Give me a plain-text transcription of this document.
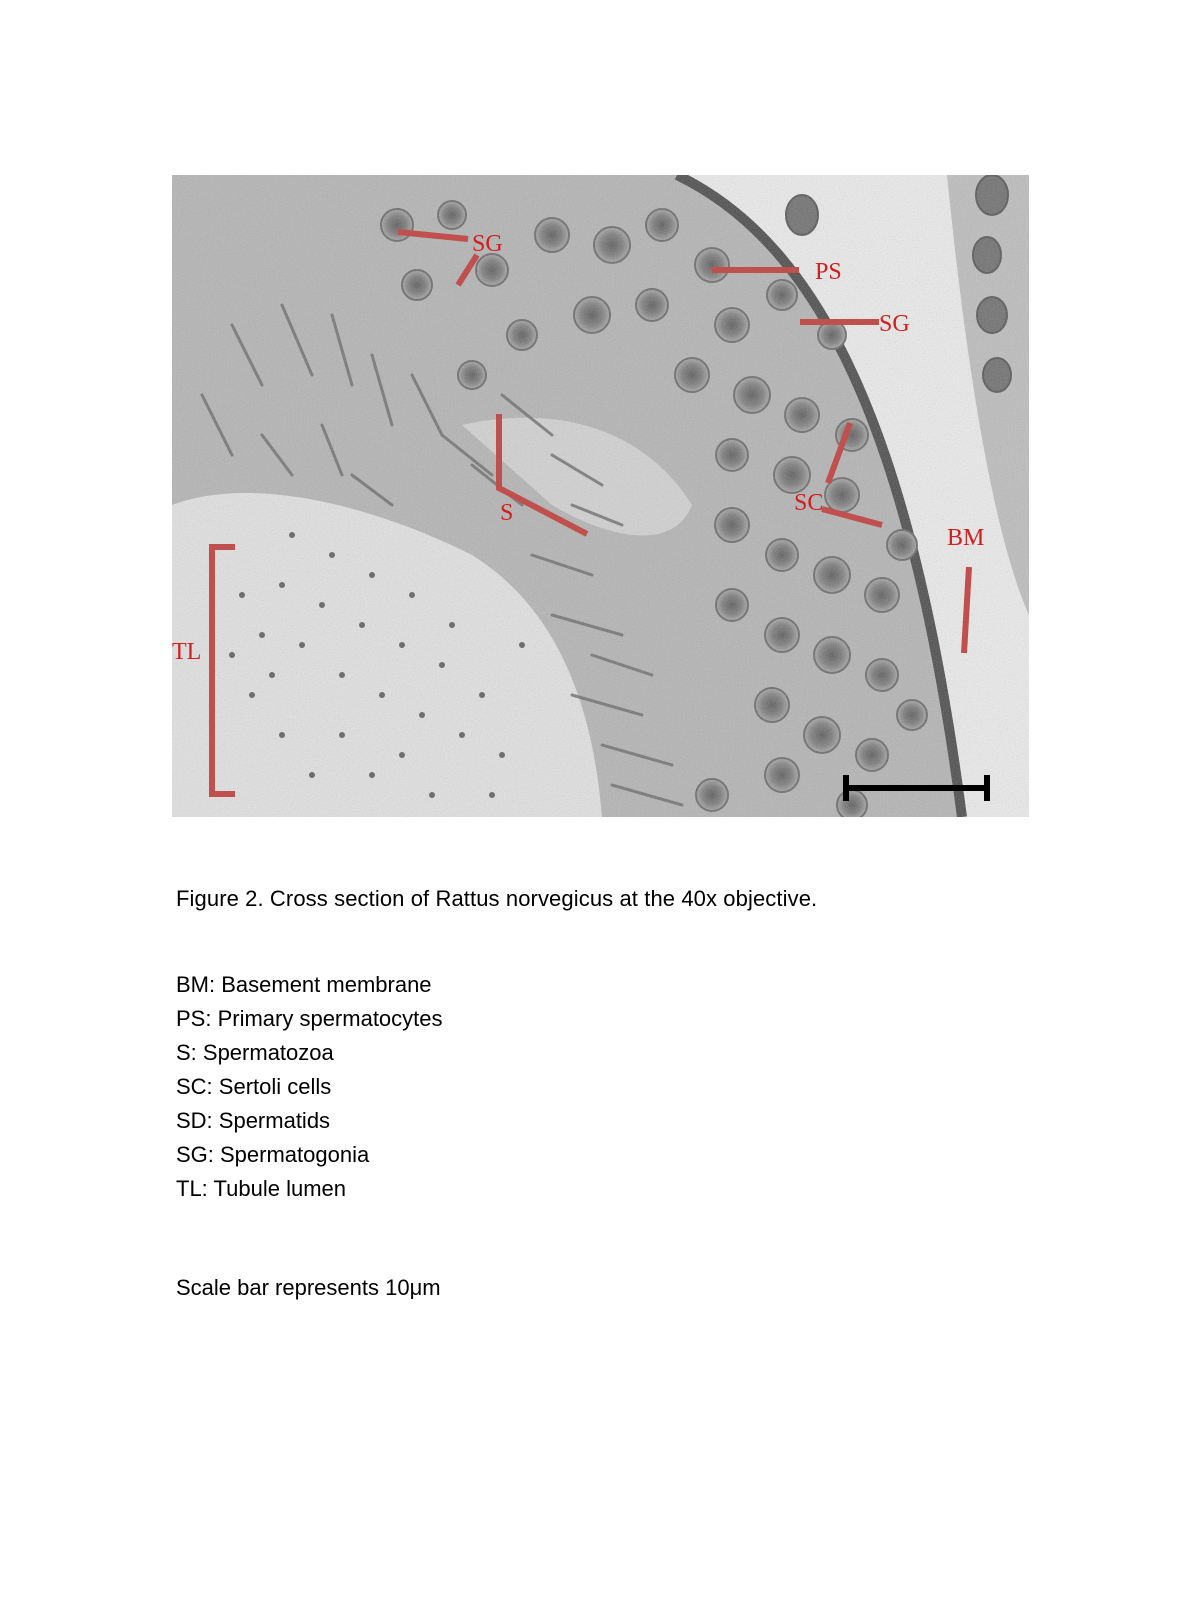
SG
PS
SG
S	SC
BM
TL
Figure 2. Cross section of Rattus norvegicus at the 40x objective.
BM: Basement membrane
PS: Primary spermatocytes
S: Spermatozoa
SC: Sertoli cells
SD: Spermatids
SG: Spermatogonia
TL: Tubule lumen
Scale bar represents 10μm
